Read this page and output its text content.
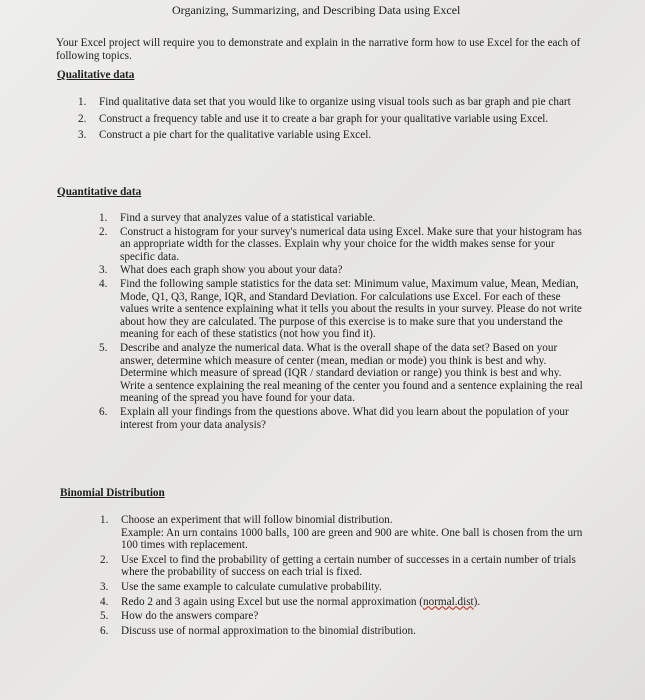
Organizing, Summarizing, and Describing Data using Excel
Your Excel project will require you to demonstrate and explain in the narrative form how to use Excel for the each of following topics.
Qualitative data
1. Find qualitative data set that you would like to organize using visual tools such as bar graph and pie chart
2. Construct a frequency table and use it to create a bar graph for your qualitative variable using Excel.
3. Construct a pie chart for the qualitative variable using Excel.
Quantitative data
1. Find a survey that analyzes value of a statistical variable.
2. Construct a histogram for your survey's numerical data using Excel. Make sure that your histogram has an appropriate width for the classes. Explain why your choice for the width makes sense for your specific data.
3. What does each graph show you about your data?
4. Find the following sample statistics for the data set: Minimum value, Maximum value, Mean, Median, Mode, Q1, Q3, Range, IQR, and Standard Deviation. For calculations use Excel. For each of these values write a sentence explaining what it tells you about the results in your survey. Please do not write about how they are calculated. The purpose of this exercise is to make sure that you understand the meaning for each of these statistics (not how you find it).
5. Describe and analyze the numerical data. What is the overall shape of the data set? Based on your answer, determine which measure of center (mean, median or mode) you think is best and why. Determine which measure of spread (IQR / standard deviation or range) you think is best and why. Write a sentence explaining the real meaning of the center you found and a sentence explaining the real meaning of the spread you have found for your data.
6. Explain all your findings from the questions above. What did you learn about the population of your interest from your data analysis?
Binomial Distribution
1. Choose an experiment that will follow binomial distribution.
Example: An urn contains 1000 balls, 100 are green and 900 are white. One ball is chosen from the urn 100 times with replacement.
2. Use Excel to find the probability of getting a certain number of successes in a certain number of trials where the probability of success on each trial is fixed.
3. Use the same example to calculate cumulative probability.
4. Redo 2 and 3 again using Excel but use the normal approximation (normal.dist).
5. How do the answers compare?
6. Discuss use of normal approximation to the binomial distribution.
